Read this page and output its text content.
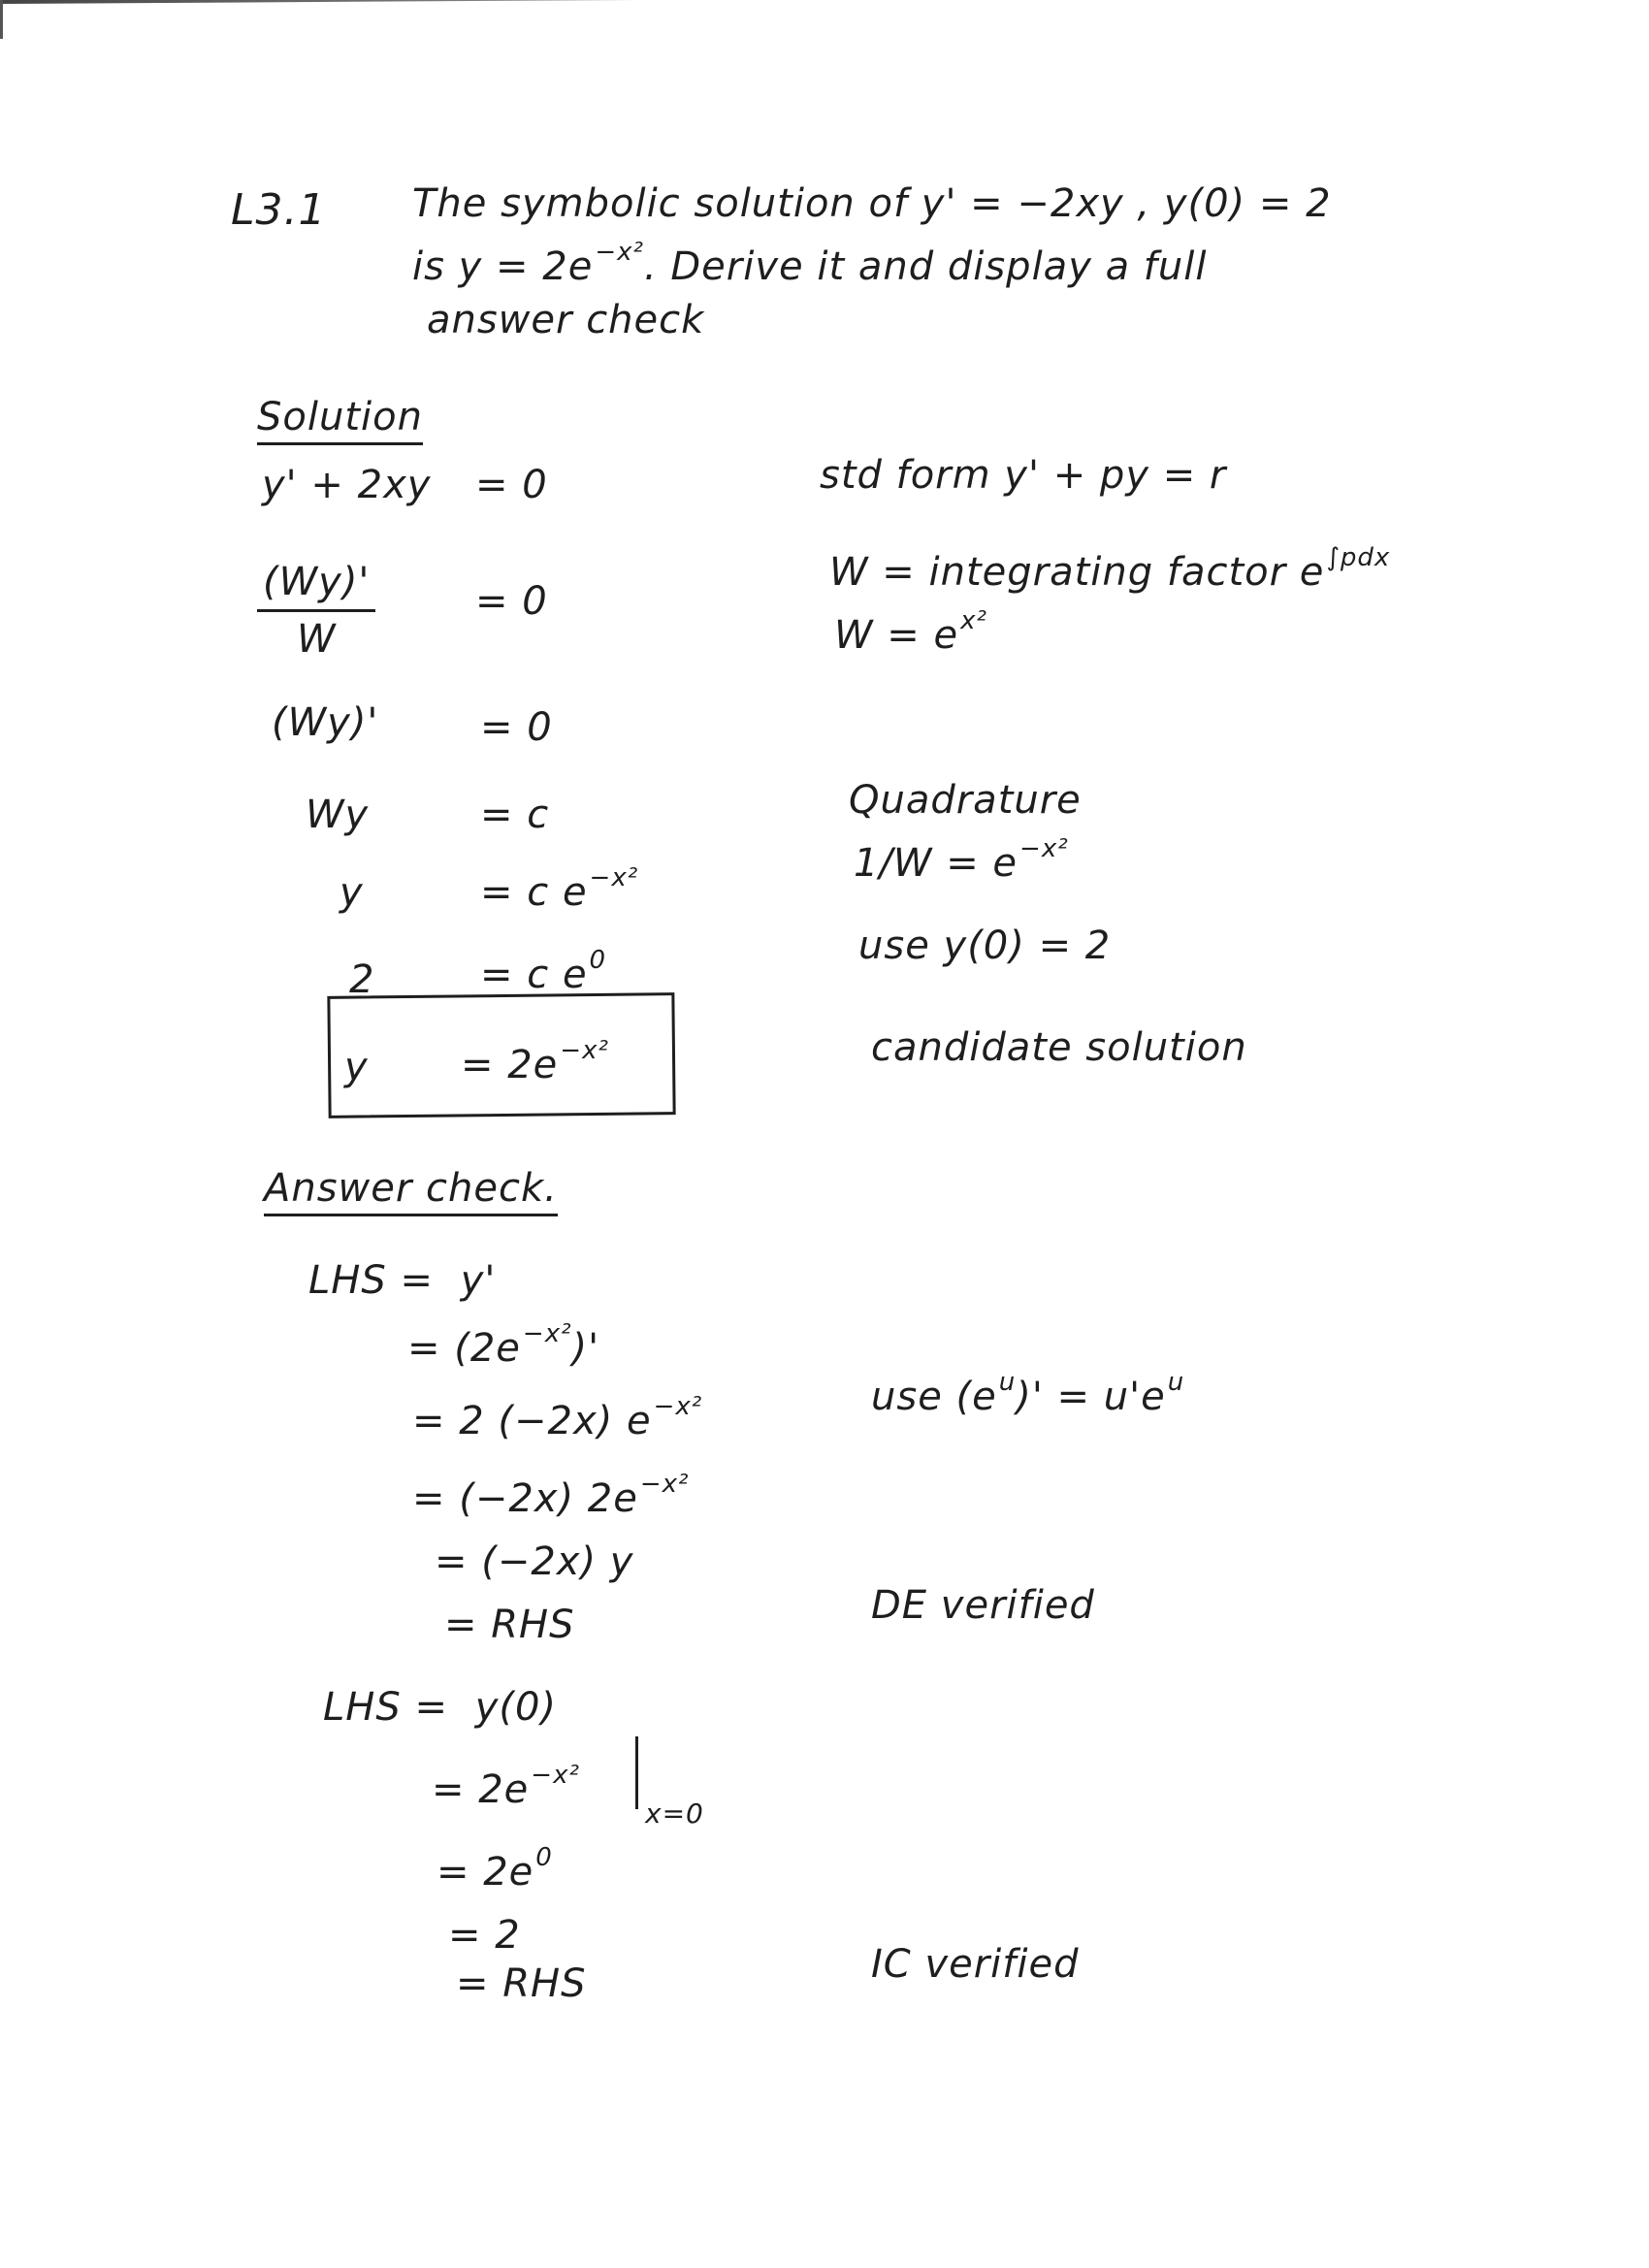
L3.1 The symbolic solution of y' = −2xy , y(0) = 2
is $y = 2e^{-x^2}$. Derive it and display a full
answer check
Solution
y' + 2xy = 0
$\frac{(Wy)'}{W}$	= 0
(Wy)'	= 0
Wy	= c
y	= c $e^{-x^2}$
2	= c $e^0$
$y = 2e^{-x^2}$
std form y' + py = r
W = integrating factor $e^{\int pdx}$
$W = e^{x^2}$
Quadrature
$1/W = e^{-x^2}$
use y(0) = 2
candidate solution
Answer check.
LHS = y'
= $(2e^{-x^2})'$
= 2 (−2x) $e^{-x^2}$
= (−2x) $2e^{-x^2}$
= (−2x) y
= RHS
use $(e^u)' = u'e^u$
DE verified
LHS = y(0)
= $2e^{-x^2}$
$_{x=0}$
= $2e^0$
= 2
= RHS	IC verified
